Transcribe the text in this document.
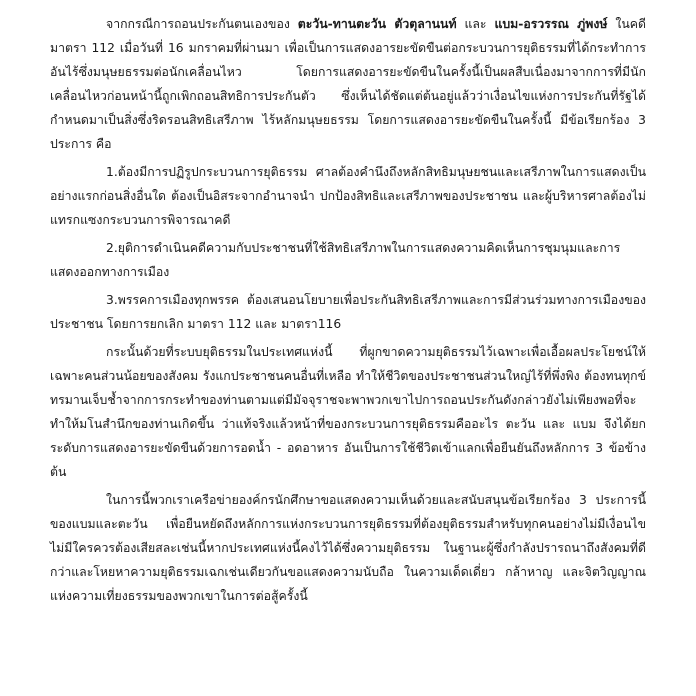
จากกรณีการถอนประกันตนเองของ ตะวัน-ทานตะวัน ตัวตุลานนท์ และ แบม-อรวรรณ ภู่พงษ์ ในคดี มาตรา 112 เมื่อวันที่ 16 มกราคมที่ผ่านมา เพื่อเป็นการแสดงอารยะขัดขืนต่อกระบวนการยุติธรรมที่ได้กระทำการอันไร้ซึ่งมนุษยธรรมต่อนักเคลื่อนไหว โดยการแสดงอารยะขัดขืนในครั้งนี้เป็นผลสืบเนื่องมาจากการที่มีนักเคลื่อนไหวก่อนหน้านี้ถูกเพิกถอนสิทธิการประกันตัว ซึ่งเห็นได้ชัดแต่ต้นอยู่แล้วว่าเงื่อนไขแห่งการประกันที่รัฐได้กำหนดมาเป็นสิ่งซึ่งริดรอนสิทธิเสรีภาพ ไร้หลักมนุษยธรรม โดยการแสดงอารยะขัดขืนในครั้งนี้ มีข้อเรียกร้อง 3 ประการ คือ

1.ต้องมีการปฏิรูปกระบวนการยุติธรรม ศาลต้องคำนึงถึงหลักสิทธิมนุษยชนและเสรีภาพในการแสดงเป็นอย่างแรกก่อนสิ่งอื่นใด ต้องเป็นอิสระจากอำนาจนำ ปกป้องสิทธิและเสรีภาพของประชาชน และผู้บริหารศาลต้องไม่แทรกแซงกระบวนการพิจารณาคดี

2.ยุติการดำเนินคดีความกับประชาชนที่ใช้สิทธิเสรีภาพในการแสดงความคิดเห็นการชุมนุมและการแสดงออกทางการเมือง

3.พรรคการเมืองทุกพรรค ต้องเสนอนโยบายเพื่อประกันสิทธิเสรีภาพและการมีส่วนร่วมทางการเมืองของประชาชน โดยการยกเลิก มาตรา 112 และ มาตรา116

กระนั้นด้วยที่ระบบยุติธรรมในประเทศแห่งนี้ ที่ผูกขาดความยุติธรรมไว้เฉพาะเพื่อเอื้อผลประโยชน์ให้เฉพาะคนส่วนน้อยของสังคม รังแกประชาชนคนอื่นที่เหลือ ทำให้ชีวิตของประชาชนส่วนใหญ่ไร้ที่พึ่งพิง ต้องทนทุกข์ทรมานเจ็บช้ำจากการกระทำของท่านตามแต่มีมัจจุราชจะพาพวกเขาไปการถอนประกันดังกล่าวยังไม่เพียงพอที่จะทำให้มโนสำนึกของท่านเกิดขึ้น ว่าแท้จริงแล้วหน้าที่ของกระบวนการยุติธรรมคืออะไร ตะวัน และ แบม จึงได้ยกระดับการแสดงอารยะขัดขืนด้วยการอดน้ำ - อดอาหาร อันเป็นการใช้ชีวิตเข้าแลกเพื่อยืนยันถึงหลักการ 3 ข้อข้างต้น

ในการนี้พวกเราเครือข่ายองค์กรนักศึกษาขอแสดงความเห็นด้วยและสนับสนุนข้อเรียกร้อง 3 ประการนี้ของแบมและตะวัน เพื่อยืนหยัดถึงหลักการแห่งกระบวนการยุติธรรมที่ต้องยุติธรรมสำหรับทุกคนอย่างไม่มีเงื่อนไข ไม่มีใครควรต้องเสียสละเช่นนี้หากประเทศแห่งนี้คงไว้ได้ซึ่งความยุติธรรม ในฐานะผู้ซึ่งกำลังปรารถนาถึงสังคมที่ดีกว่าและโหยหาความยุติธรรมเฉกเช่นเดียวกันขอแสดงความนับถือ ในความเด็ดเดี่ยว กล้าหาญ และจิตวิญญาณแห่งความเที่ยงธรรมของพวกเขาในการต่อสู้ครั้งนี้
